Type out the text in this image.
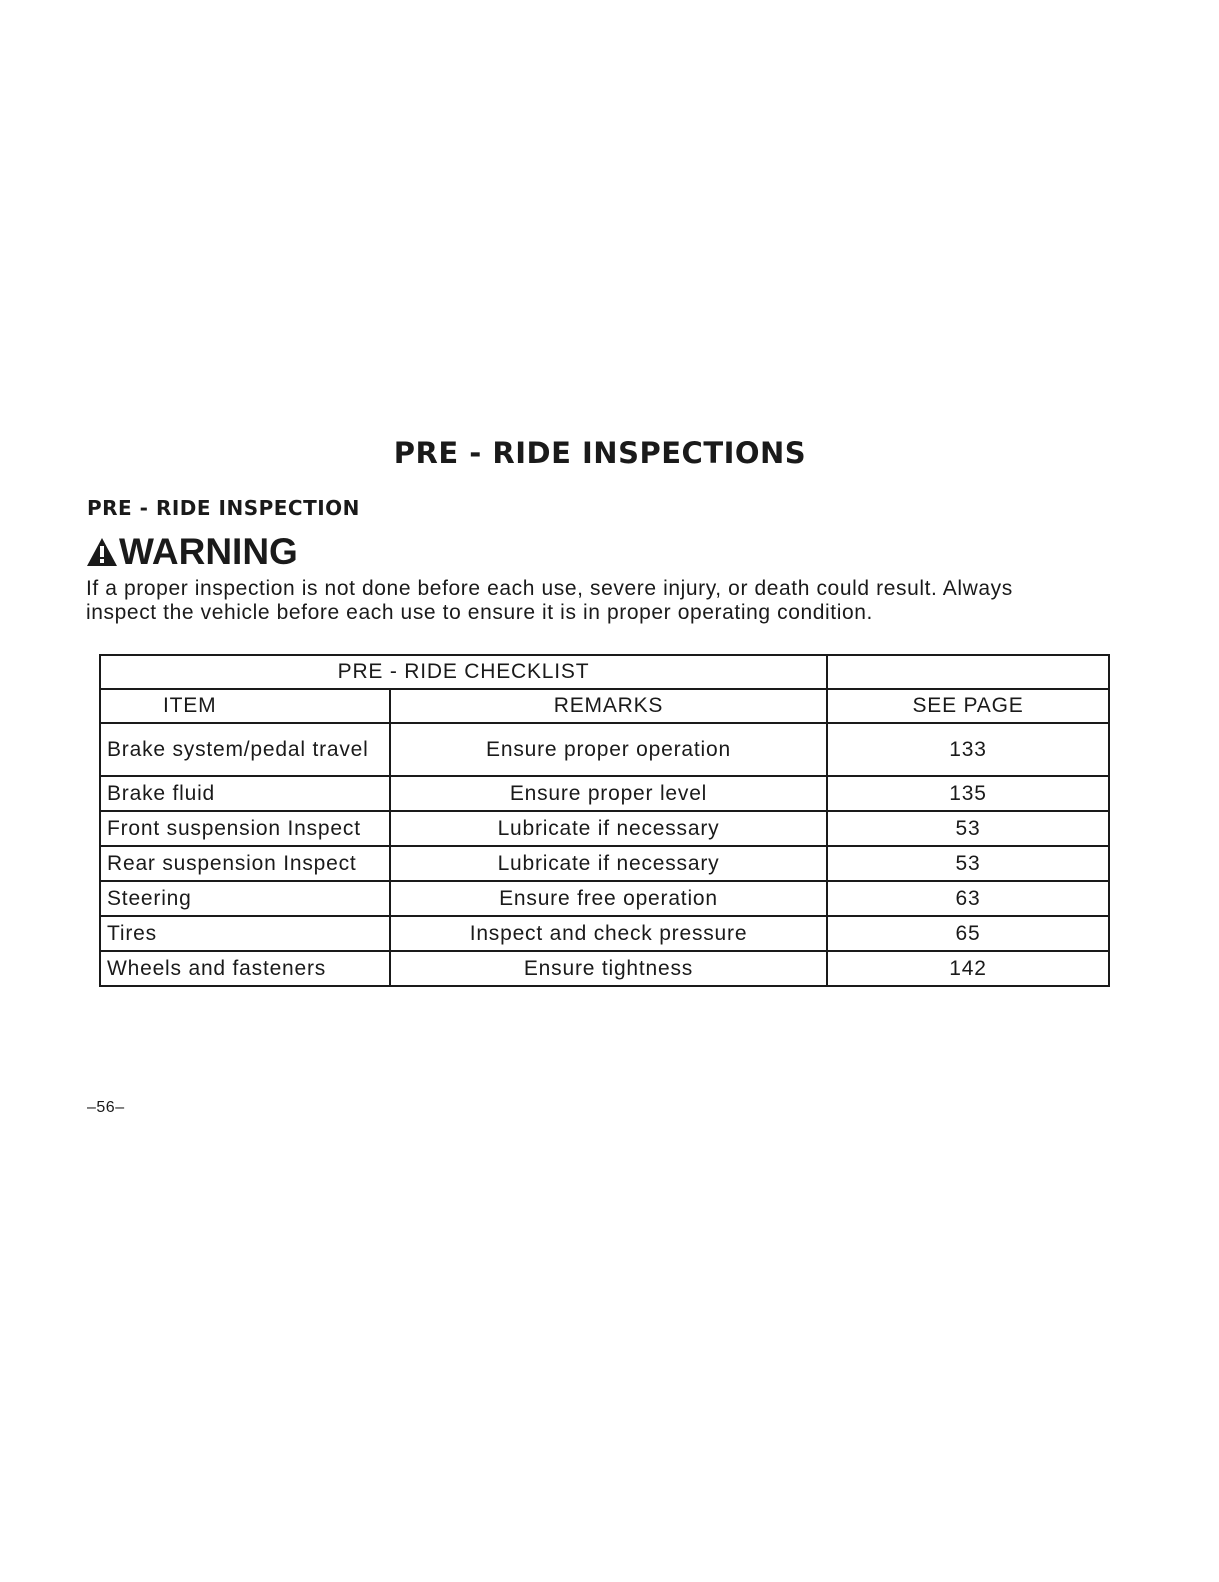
PRE - RIDE INSPECTIONS
PRE - RIDE INSPECTION
WARNING

If a proper inspection is not done before each use, severe injury, or death could result. Always

inspect the vehicle before each use to ensure it is in proper operating condition.

PRE - RIDE CHECKLIST		
ITEM	REMARKS	SEE PAGE
Brake system/pedal travel	Ensure proper operation	133
Brake fluid	Ensure proper level	135
Front suspension Inspect	Lubricate if necessary	53
Rear suspension Inspect	Lubricate if necessary	53
Steering	Ensure free operation	63
Tires	Inspect and check pressure	65
Wheels and fasteners	Ensure tightness	142
–56–
